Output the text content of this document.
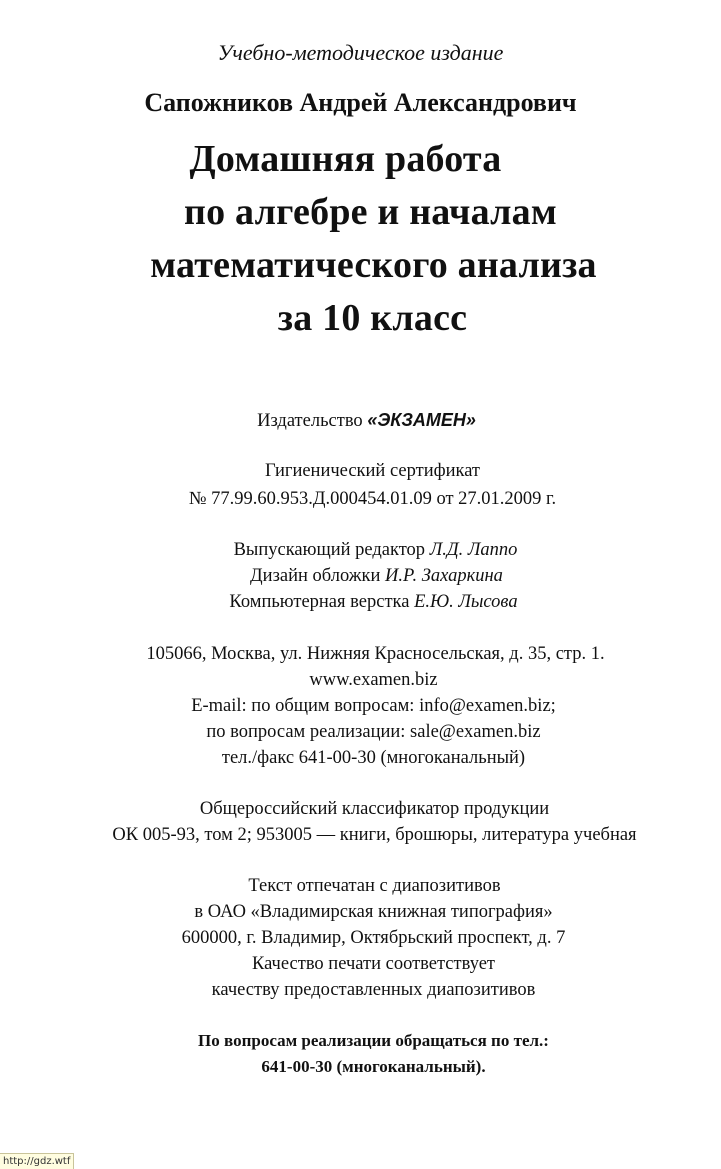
Учебно-методическое издание
Сапожников Андрей Александрович
Домашняя работа
по алгебре и началам
математического анализа
за 10 класс
Издательство «ЭКЗАМЕН»
Гигиенический сертификат
№ 77.99.60.953.Д.000454.01.09 от 27.01.2009 г.
Выпускающий редактор Л.Д. Лаппо
Дизайн обложки И.Р. Захаркина
Компьютерная верстка Е.Ю. Лысова
105066, Москва, ул. Нижняя Красносельская, д. 35, стр. 1.
www.examen.biz
E-mail: по общим вопросам: info@examen.biz;
по вопросам реализации: sale@examen.biz
тел./факс 641-00-30 (многоканальный)
Общероссийский классификатор продукции
ОК 005-93, том 2; 953005 — книги, брошюры, литература учебная
Текст отпечатан с диапозитивов
в ОАО «Владимирская книжная типография»
600000, г. Владимир, Октябрьский проспект, д. 7
Качество печати соответствует
качеству предоставленных диапозитивов
По вопросам реализации обращаться по тел.:
641-00-30 (многоканальный).
http://gdz.wtf
